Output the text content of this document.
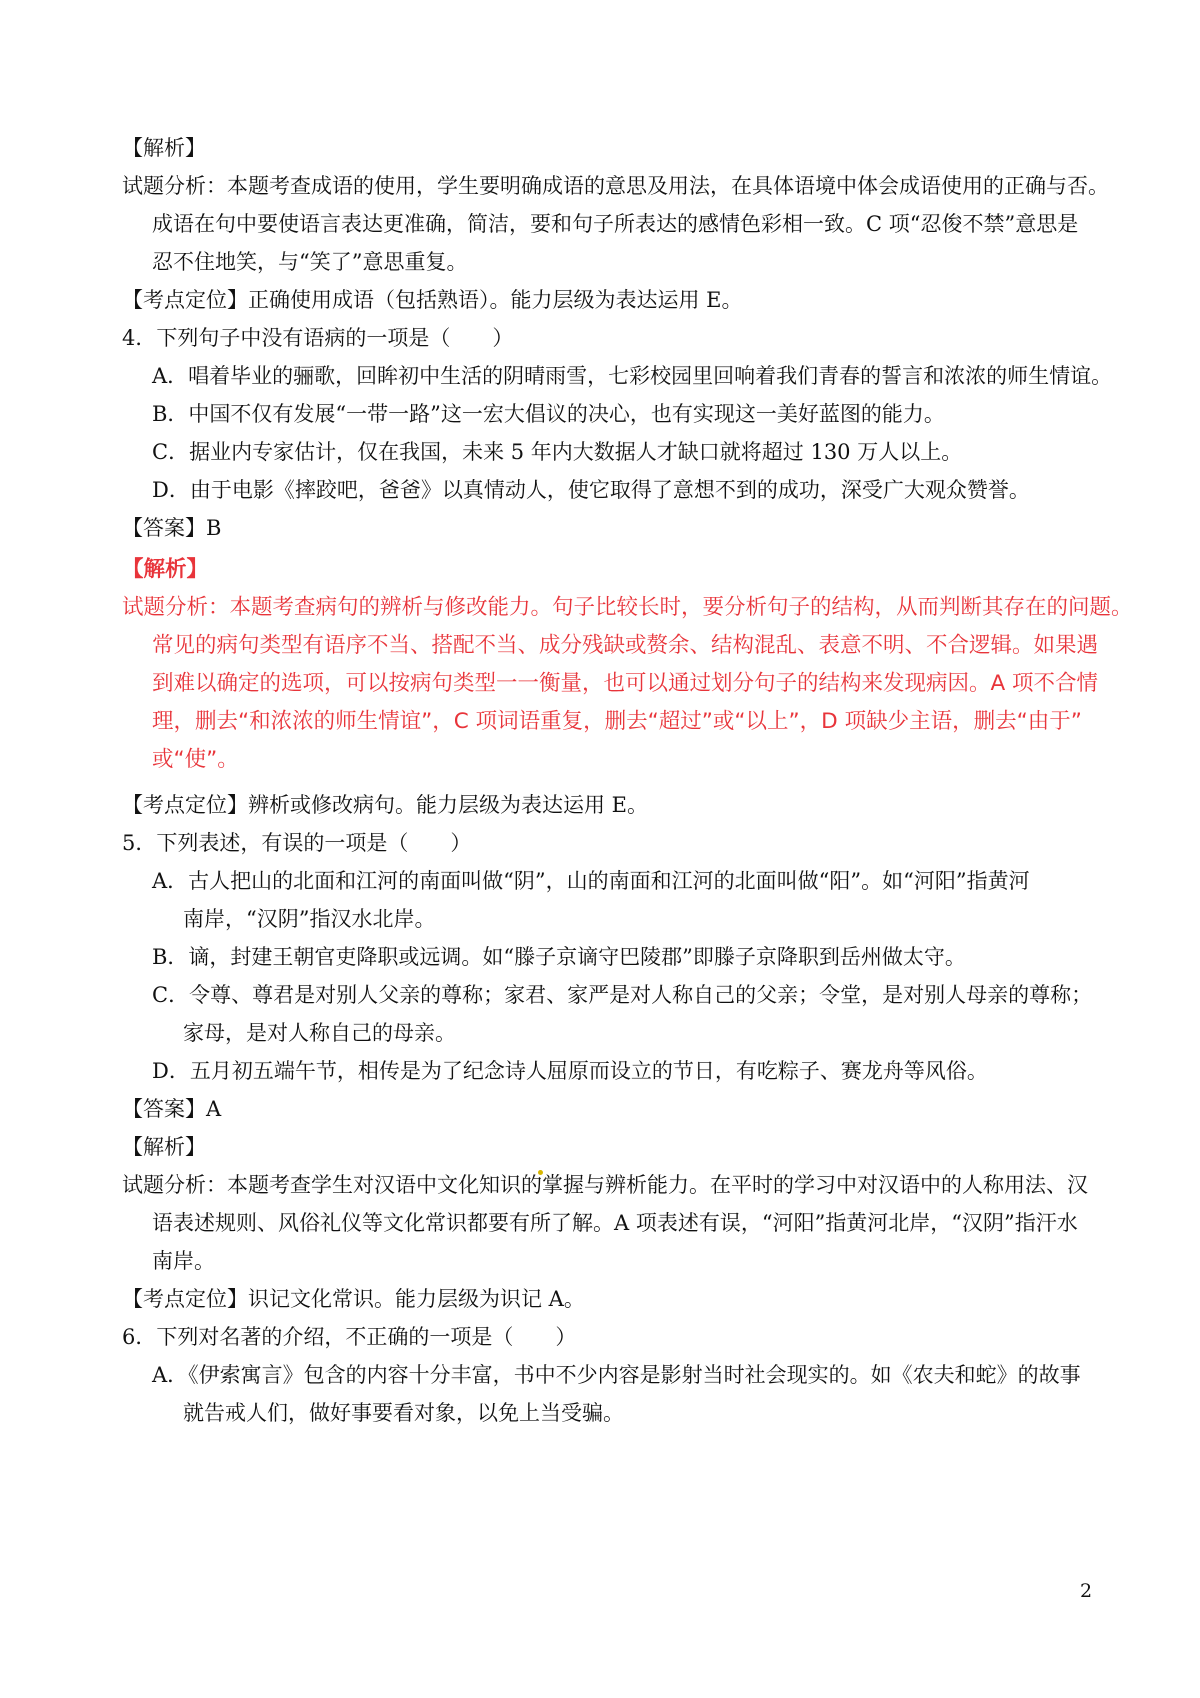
【解析】
试题分析：本题考查成语的使用，学生要明确成语的意思及用法，在具体语境中体会成语使用的正确与否。
成语在句中要使语言表达更准确，简洁，要和句子所表达的感情色彩相一致。C 项“忍俊不禁”意思是
忍不住地笑，与“笑了”意思重复。
【考点定位】正确使用成语（包括熟语）。能力层级为表达运用 E。
4．下列句子中没有语病的一项是（　　）
A．唱着毕业的骊歌，回眸初中生活的阴晴雨雪，七彩校园里回响着我们青春的誓言和浓浓的师生情谊。
B．中国不仅有发展“一带一路”这一宏大倡议的决心，也有实现这一美好蓝图的能力。
C．据业内专家估计，仅在我国，未来 5 年内大数据人才缺口就将超过 130 万人以上。
D．由于电影《摔跤吧，爸爸》以真情动人，使它取得了意想不到的成功，深受广大观众赞誉。
【答案】B
【解析】
试题分析：本题考查病句的辨析与修改能力。句子比较长时，要分析句子的结构，从而判断其存在的问题。
常见的病句类型有语序不当、搭配不当、成分残缺或赘余、结构混乱、表意不明、不合逻辑。如果遇
到难以确定的选项，可以按病句类型一一衡量，也可以通过划分句子的结构来发现病因。A 项不合情
理，删去“和浓浓的师生情谊”，C 项词语重复，删去“超过”或“以上”，D 项缺少主语，删去“由于”
或“使”。
【考点定位】辨析或修改病句。能力层级为表达运用 E。
5．下列表述，有误的一项是（　　）
A．古人把山的北面和江河的南面叫做“阴”，山的南面和江河的北面叫做“阳”。如“河阳”指黄河
南岸，“汉阴”指汉水北岸。
B．谪，封建王朝官吏降职或远调。如“滕子京谪守巴陵郡”即滕子京降职到岳州做太守。
C．令尊、尊君是对别人父亲的尊称；家君、家严是对人称自己的父亲；令堂，是对别人母亲的尊称；
家母，是对人称自己的母亲。
D．五月初五端午节，相传是为了纪念诗人屈原而设立的节日，有吃粽子、赛龙舟等风俗。
【答案】A
【解析】
试题分析：本题考查学生对汉语中文化知识的掌握与辨析能力。在平时的学习中对汉语中的人称用法、汉
语表述规则、风俗礼仪等文化常识都要有所了解。A 项表述有误，“河阳”指黄河北岸，“汉阴”指汗水
南岸。
【考点定位】识记文化常识。能力层级为识记 A。
6．下列对名著的介绍，不正确的一项是（　　）
A．《伊索寓言》包含的内容十分丰富，书中不少内容是影射当时社会现实的。如《农夫和蛇》的故事
就告戒人们，做好事要看对象，以免上当受骗。
2
